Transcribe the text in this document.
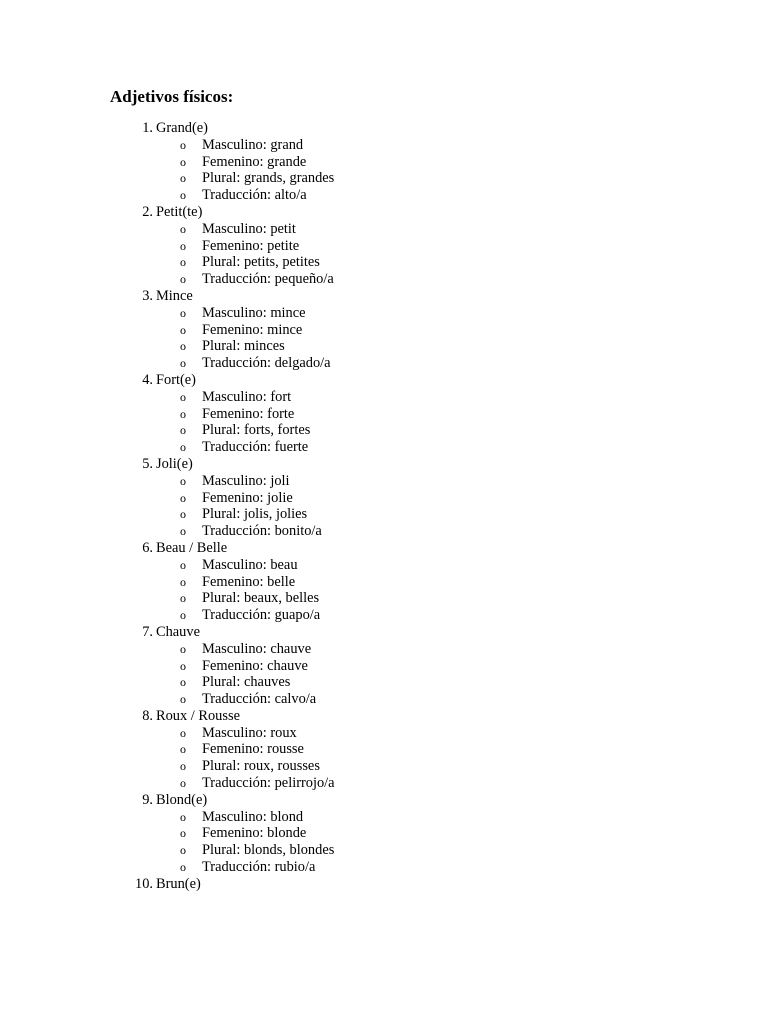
Adjetivos físicos:
1. Grand(e)
o Masculino: grand
o Femenino: grande
o Plural: grands, grandes
o Traducción: alto/a
2. Petit(te)
o Masculino: petit
o Femenino: petite
o Plural: petits, petites
o Traducción: pequeño/a
3. Mince
o Masculino: mince
o Femenino: mince
o Plural: minces
o Traducción: delgado/a
4. Fort(e)
o Masculino: fort
o Femenino: forte
o Plural: forts, fortes
o Traducción: fuerte
5. Joli(e)
o Masculino: joli
o Femenino: jolie
o Plural: jolis, jolies
o Traducción: bonito/a
6. Beau / Belle
o Masculino: beau
o Femenino: belle
o Plural: beaux, belles
o Traducción: guapo/a
7. Chauve
o Masculino: chauve
o Femenino: chauve
o Plural: chauves
o Traducción: calvo/a
8. Roux / Rousse
o Masculino: roux
o Femenino: rousse
o Plural: roux, rousses
o Traducción: pelirrojo/a
9. Blond(e)
o Masculino: blond
o Femenino: blonde
o Plural: blonds, blondes
o Traducción: rubio/a
10. Brun(e)
